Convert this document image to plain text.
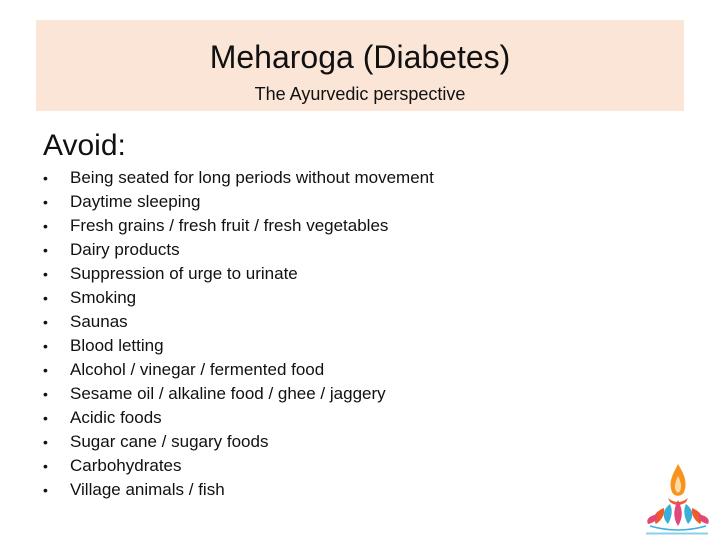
Meharoga (Diabetes)
The Ayurvedic perspective
Avoid:
•	Being seated for long periods without movement
•	Daytime sleeping
•	Fresh grains / fresh fruit / fresh vegetables
•	Dairy products
•	Suppression of urge to urinate
•	Smoking
•	Saunas
•	Blood letting
•	Alcohol / vinegar / fermented food
•	Sesame oil / alkaline food / ghee / jaggery
•	Acidic foods
•	Sugar cane / sugary foods
•	Carbohydrates
•	Village animals / fish
